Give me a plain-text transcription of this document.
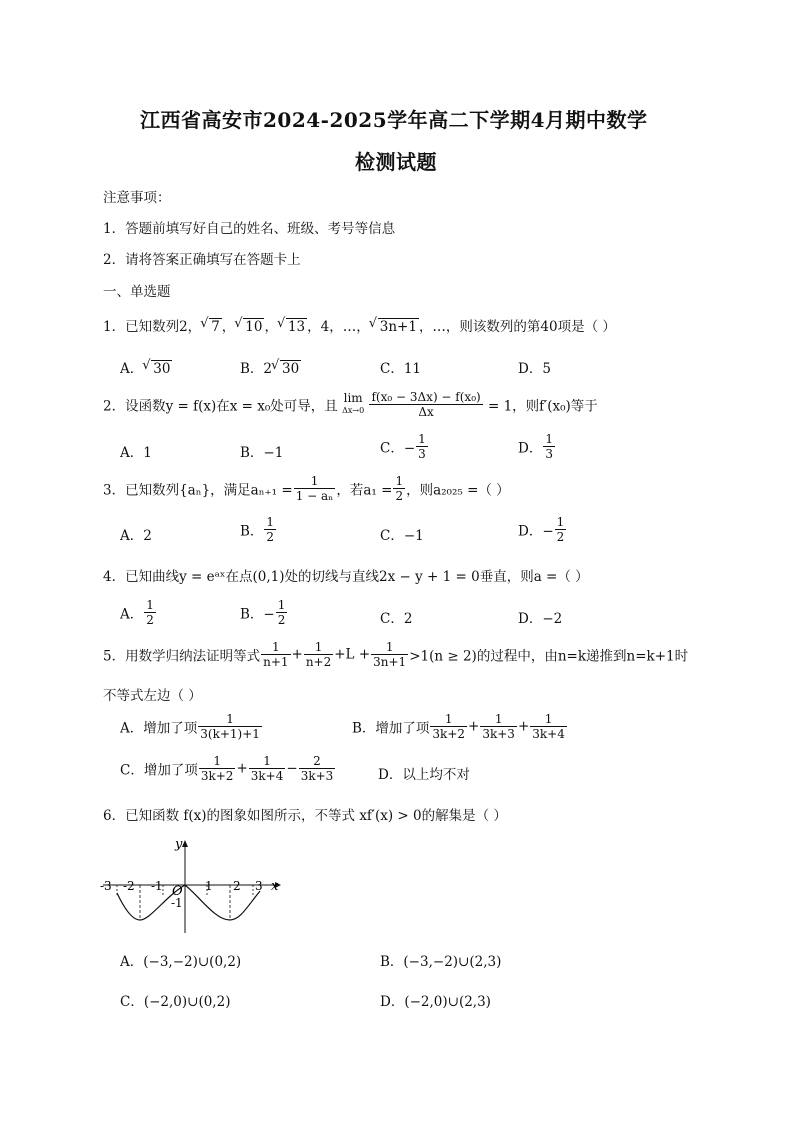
江西省高安市2024-2025学年高二下学期4月期中数学
检测试题
注意事项：
1．答题前填写好自己的姓名、班级、考号等信息
2．请将答案正确填写在答题卡上
一、单选题
1．已知数列2， √ 7 ， √ 10 ， √ 13 ，4，…， √ 3n+1 ，…，则该数列的第40项是（ ）
A． √ 30	B．2 √ 30	C．11	D．5
2．设函数y = f(x)在x = x₀处可导，且 lim
$\Delta x\to 0 \frac{\text{f(x₀ − 3Δx) − f(x₀)}}{\Delta x} = 1$，则f′(x₀)等于
A．1	B．−1	C．− $\frac{1}{3}$	D． $\frac{1}{3}$
3．已知数列{aₙ}，满足$a_{n+1} = \frac{1}{\text{1 − aₙ}}$ ，若$a_1 = \frac{1}{2}$ ，则a₂₀₂₅ =（ ）
A．2	B． $\frac{1}{2}$	C．−1	D．− $\frac{1}{2}$
4．已知曲线y = eᵃˣ在点(0,1)处的切线与直线2x − y + 1 = 0垂直，则a =（ ）
A． $\frac{1}{2}$	B．− $\frac{1}{2}$	C．2	D．−2
5．用数学归纳法证明等式 $\frac{1}{n+1} + \frac{1}{n+2} +L + \frac{1}{3n+1} >1(n \ge 2)$的过程中，由n=k递推到n=k+1时
不等式左边（ ）
A．增加了项 $\frac{1}{3(k+1)+1}$	B．增加了项 $\frac{1}{3k+2} + \frac{1}{3k+3} + \frac{1}{3k+4}$
C．增加了项 $\frac{1}{3k+2} + \frac{1}{3k+4} - \frac{2}{3k+3}$	D．以上均不对
6．已知函数 f(x)的图象如图所示，不等式 xf′(x) > 0的解集是（ ）
y
x
O
-3 -2 -1	1 2 3
-1
A．(−3,−2)∪(0,2)	B．(−3,−2)∪(2,3)
C．(−2,0)∪(0,2)	D．(−2,0)∪(2,3)
